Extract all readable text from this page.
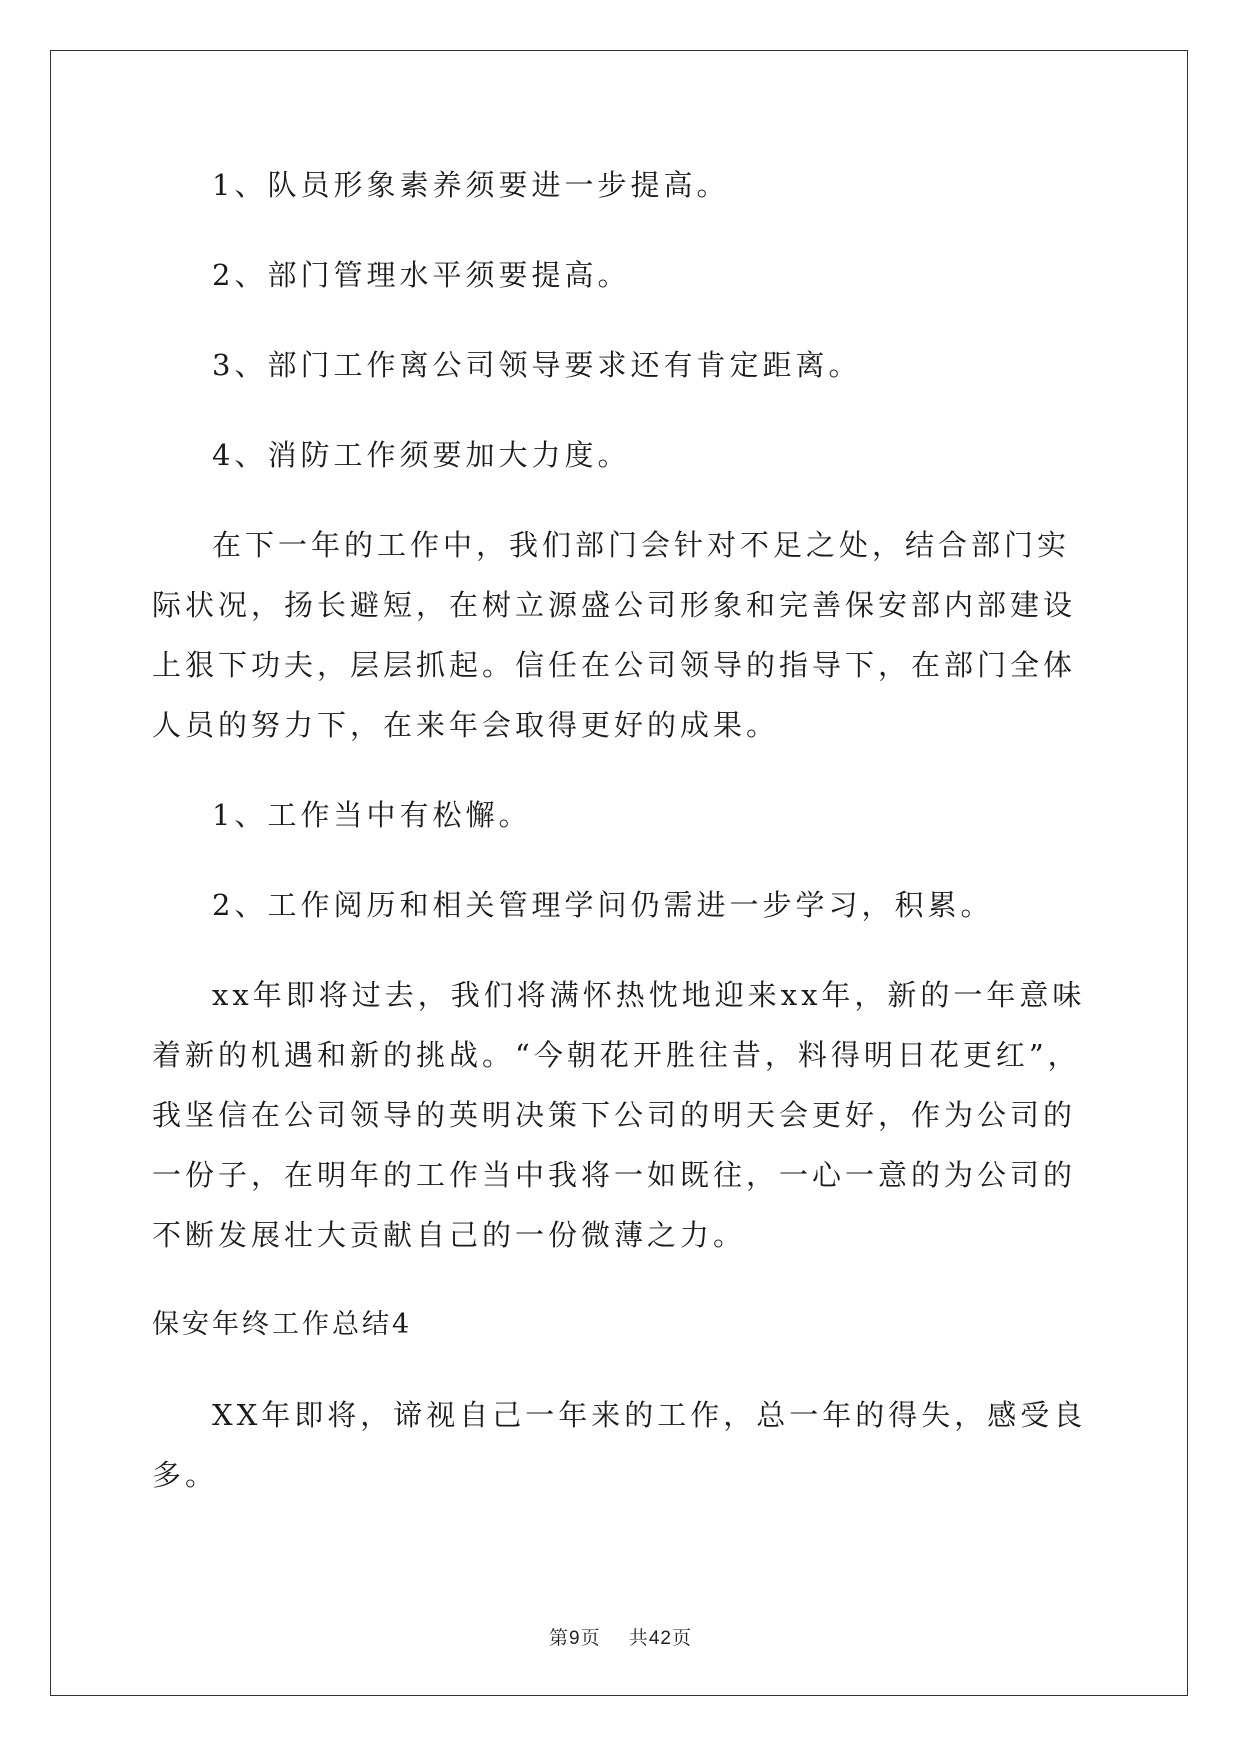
1、队员形象素养须要进一步提高。

2、部门管理水平须要提高。

3、部门工作离公司领导要求还有肯定距离。

4、消防工作须要加大力度。

在下一年的工作中，我们部门会针对不足之处，结合部门实际状况，扬长避短，在树立源盛公司形象和完善保安部内部建设上狠下功夫，层层抓起。信任在公司领导的指导下，在部门全体人员的努力下，在来年会取得更好的成果。

1、工作当中有松懈。

2、工作阅历和相关管理学问仍需进一步学习，积累。

xx年即将过去，我们将满怀热忱地迎来xx年，新的一年意味着新的机遇和新的挑战。“今朝花开胜往昔，料得明日花更红”，我坚信在公司领导的英明决策下公司的明天会更好，作为公司的一份子，在明年的工作当中我将一如既往，一心一意的为公司的不断发展壮大贡献自己的一份微薄之力。

保安年终工作总结4

XX年即将，谛视自己一年来的工作，总一年的得失，感受良多。

第9页 共42页
